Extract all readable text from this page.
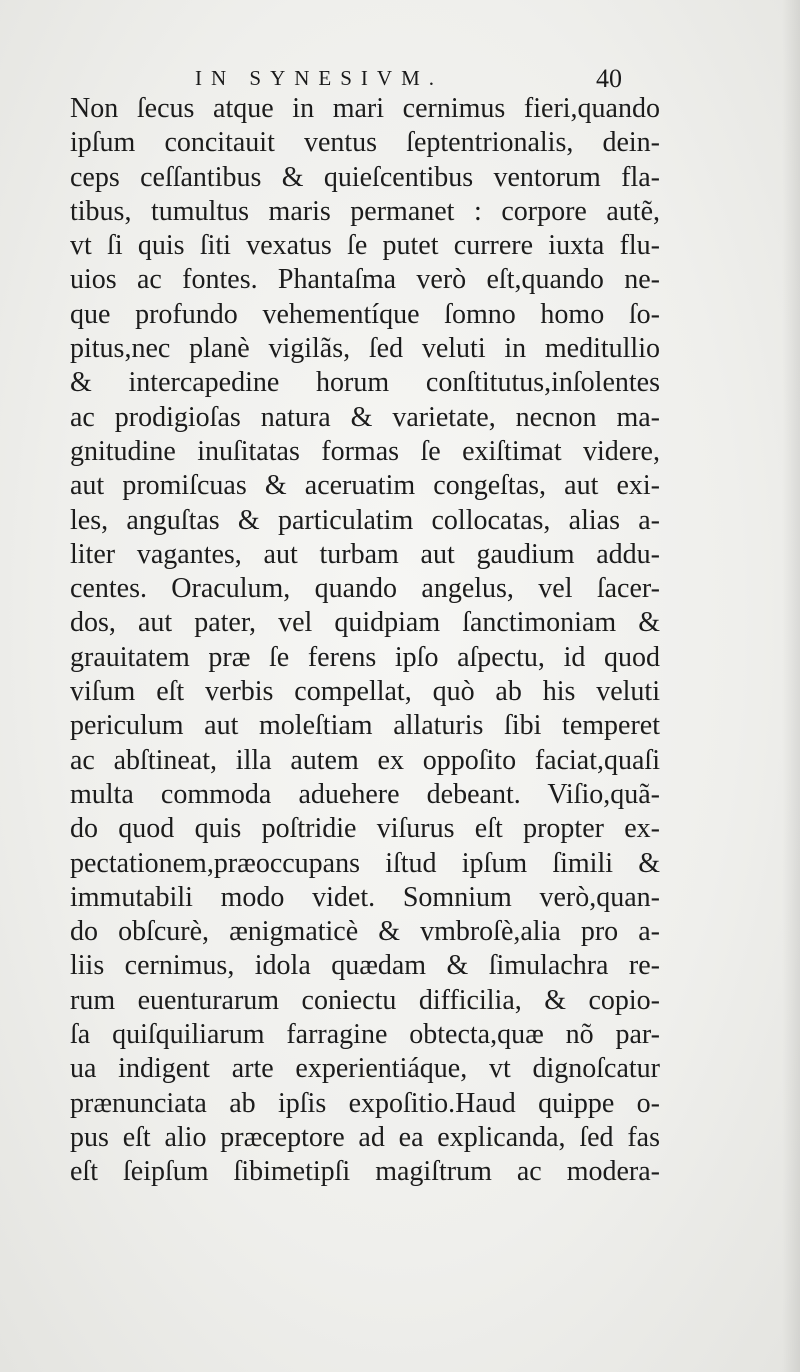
IN SYNESIVM.	40
Non ſecus atque in mari cernimus fieri,quando
ipſum concitauit ventus ſeptentrionalis, dein-
ceps ceſſantibus & quieſcentibus ventorum fla-
tibus, tumultus maris permanet : corpore autẽ,
vt ſi quis ſiti vexatus ſe putet currere iuxta flu-
uios ac fontes. Phantaſma verò eſt,quando ne-
que profundo vehementíque ſomno homo ſo-
pitus,nec planè vigilãs, ſed veluti in meditullio
& intercapedine horum conſtitutus,inſolentes
ac prodigioſas natura & varietate, necnon ma-
gnitudine inuſitatas formas ſe exiſtimat videre,
aut promiſcuas & aceruatim congeſtas, aut exi-
les, anguſtas & particulatim collocatas, alias a-
liter vagantes, aut turbam aut gaudium addu-
centes. Oraculum, quando angelus, vel ſacer-
dos, aut pater, vel quidpiam ſanctimoniam &
grauitatem præ ſe ferens ipſo aſpectu, id quod
viſum eſt verbis compellat, quò ab his veluti
periculum aut moleſtiam allaturis ſibi temperet
ac abſtineat, illa autem ex oppoſito faciat,quaſi
multa commoda aduehere debeant. Viſio,quã-
do quod quis poſtridie viſurus eſt propter ex-
pectationem,præoccupans iſtud ipſum ſimili &
immutabili modo videt. Somnium verò,quan-
do obſcurè, ænigmaticè & vmbroſè,alia pro a-
liis cernimus, idola quædam & ſimulachra re-
rum euenturarum coniectu difficilia, & copio-
ſa quiſquiliarum farragine obtecta,quæ nõ par-
ua indigent arte experientiáque, vt dignoſcatur
prænunciata ab ipſis expoſitio.Haud quippe o-
pus eſt alio præceptore ad ea explicanda, ſed fas
eſt ſeipſum ſibimetipſi magiſtrum ac modera-
